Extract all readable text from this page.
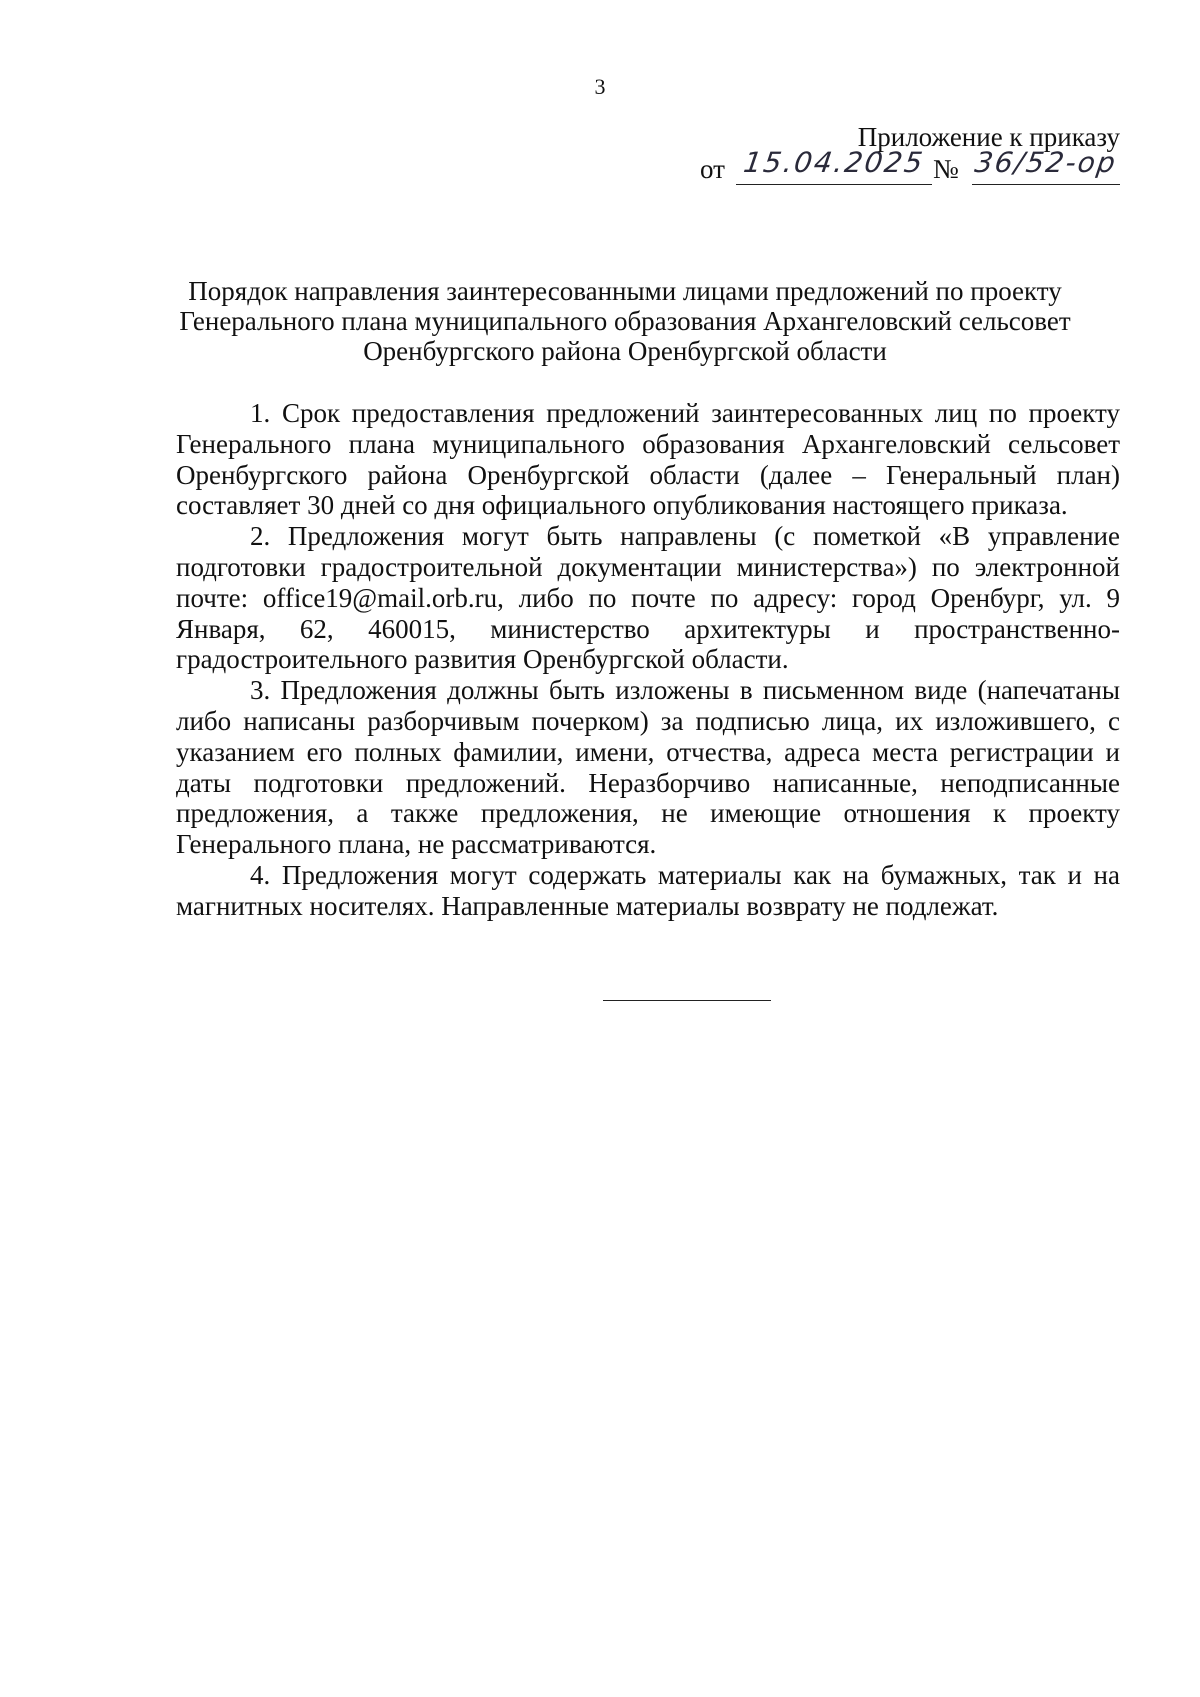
3
Приложение к приказу
от 15.04.2025 № 36/52-ор
Порядок направления заинтересованными лицами предложений по проекту Генерального плана муниципального образования Архангеловский сельсовет Оренбургского района Оренбургской области

1. Срок предоставления предложений заинтересованных лиц по проекту Генерального плана муниципального образования Архангеловский сельсовет Оренбургского района Оренбургской области (далее – Генеральный план) составляет 30 дней со дня официального опубликования настоящего приказа.

2. Предложения могут быть направлены (с пометкой «В управление подготовки градостроительной документации министерства») по электронной почте: office19@mail.orb.ru, либо по почте по адресу: город Оренбург, ул. 9 Января, 62, 460015, министерство архитектуры и пространственно-градостроительного развития Оренбургской области.

3. Предложения должны быть изложены в письменном виде (напечатаны либо написаны разборчивым почерком) за подписью лица, их изложившего, с указанием его полных фамилии, имени, отчества, адреса места регистрации и даты подготовки предложений. Неразборчиво написанные, неподписанные предложения, а также предложения, не имеющие отношения к проекту Генерального плана, не рассматриваются.

4. Предложения могут содержать материалы как на бумажных, так и на магнитных носителях. Направленные материалы возврату не подлежат.
